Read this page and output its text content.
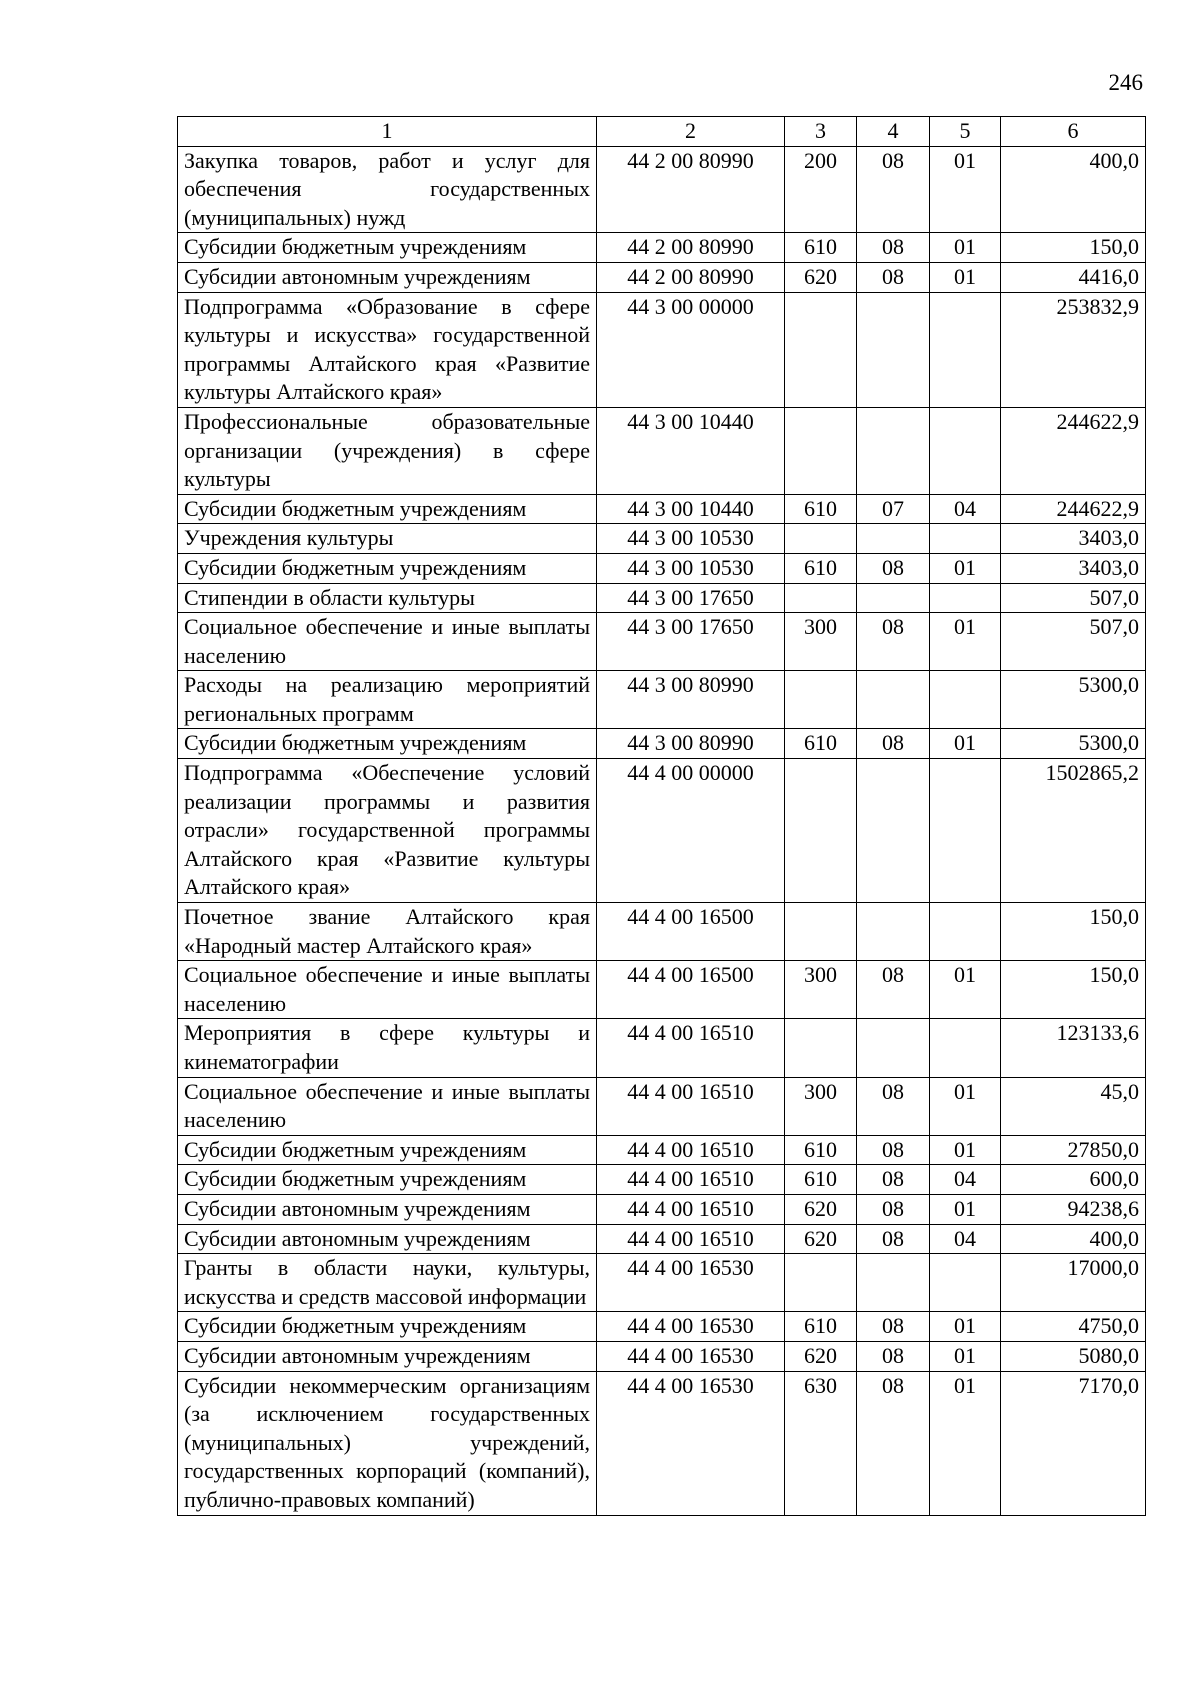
246
1	2	3	4	5	6
Закупка товаров, работ и услуг для обеспечения государственных (муниципальных) нужд	44 2 00 80990	200	08	01	400,0
Субсидии бюджетным учреждениям	44 2 00 80990	610	08	01	150,0
Субсидии автономным учреждениям	44 2 00 80990	620	08	01	4416,0
Подпрограмма «Образование в сфере культуры и искусства» государственной программы Алтайского края «Развитие культуры Алтайского края»	44 3 00 00000				253832,9
Профессиональные образовательные организации (учреждения) в сфере культуры	44 3 00 10440				244622,9
Субсидии бюджетным учреждениям	44 3 00 10440	610	07	04	244622,9
Учреждения культуры	44 3 00 10530				3403,0
Субсидии бюджетным учреждениям	44 3 00 10530	610	08	01	3403,0
Стипендии в области культуры	44 3 00 17650				507,0
Социальное обеспечение и иные выплаты населению	44 3 00 17650	300	08	01	507,0
Расходы на реализацию мероприятий региональных программ	44 3 00 80990				5300,0
Субсидии бюджетным учреждениям	44 3 00 80990	610	08	01	5300,0
Подпрограмма «Обеспечение условий реализации программы и развития отрасли» государственной программы Алтайского края «Развитие культуры Алтайского края»	44 4 00 00000				1502865,2
Почетное звание Алтайского края «Народный мастер Алтайского края»	44 4 00 16500				150,0
Социальное обеспечение и иные выплаты населению	44 4 00 16500	300	08	01	150,0
Мероприятия в сфере культуры и кинематографии	44 4 00 16510				123133,6
Социальное обеспечение и иные выплаты населению	44 4 00 16510	300	08	01	45,0
Субсидии бюджетным учреждениям	44 4 00 16510	610	08	01	27850,0
Субсидии бюджетным учреждениям	44 4 00 16510	610	08	04	600,0
Субсидии автономным учреждениям	44 4 00 16510	620	08	01	94238,6
Субсидии автономным учреждениям	44 4 00 16510	620	08	04	400,0
Гранты в области науки, культуры, искусства и средств массовой информации	44 4 00 16530				17000,0
Субсидии бюджетным учреждениям	44 4 00 16530	610	08	01	4750,0
Субсидии автономным учреждениям	44 4 00 16530	620	08	01	5080,0
Субсидии некоммерческим организациям (за исключением государственных (муниципальных) учреждений, государственных корпораций (компаний), публично-правовых компаний)	44 4 00 16530	630	08	01	7170,0
